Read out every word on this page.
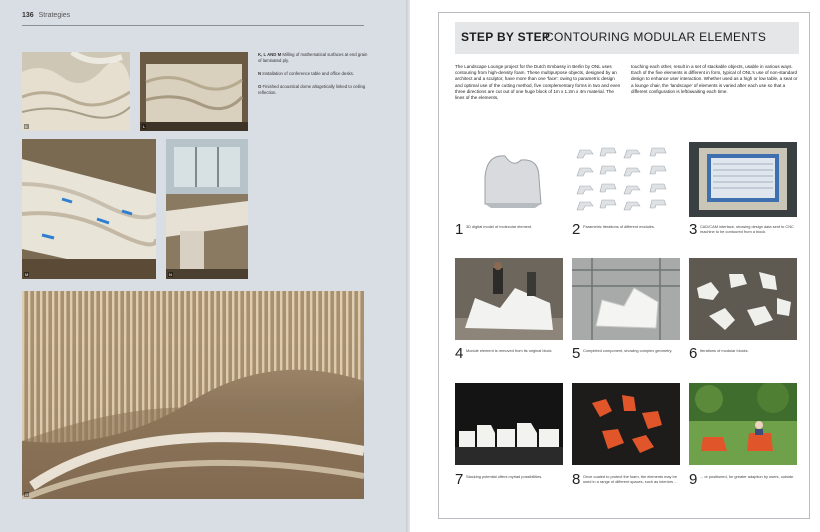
136 Strategies
K	L
K, L AND M Milling of mathematical surfaces at end grain of laminated ply.
N Installation of conference table and office desks.
O Finished acoustical dome altogetically linked to ceiling reflection.
M	N
O
STEP BY STEP
CONTOURING MODULAR ELEMENTS
The Landscape Lounge project for the Dutch Embassy in Berlin by ONL uses contouring from high-density foam. These multipurpose objects, designed by an architect and a sculptor, have more than one 'face': owing to parametric design and optimal use of the cutting method, five complementary forms in two and even three directions are cut out of one huge block of 1m x 1.2m x 4m material. The lines of the elements,
touching each other, result in a set of stackable objects, usable in various ways. Each of the five elements is different in form, typical of ONL's use of non-standard design to enhance user interaction. Whether used as a high or low table, a seat or a lounge chair, the 'landscape' of elements is varied after each use so that a different configuration is left/awaiting each time.
1 3D digital model of molecular element.	2 Parametric iterations of different modules.	3 CAD/CAM interface, showing design data sent to CNC machine to be contoured from a block.
4 Module element is removed from its original block.	5 Completed component, showing complex geometry.	6 Iterations of modular blocks.
7 Stacking potential offers myriad possibilities.	8 Once coated to protect the foam, the elements may be used in a range of different spaces, such as interiors ... 9 ... or positioned, for greater adaption by users, outside.
